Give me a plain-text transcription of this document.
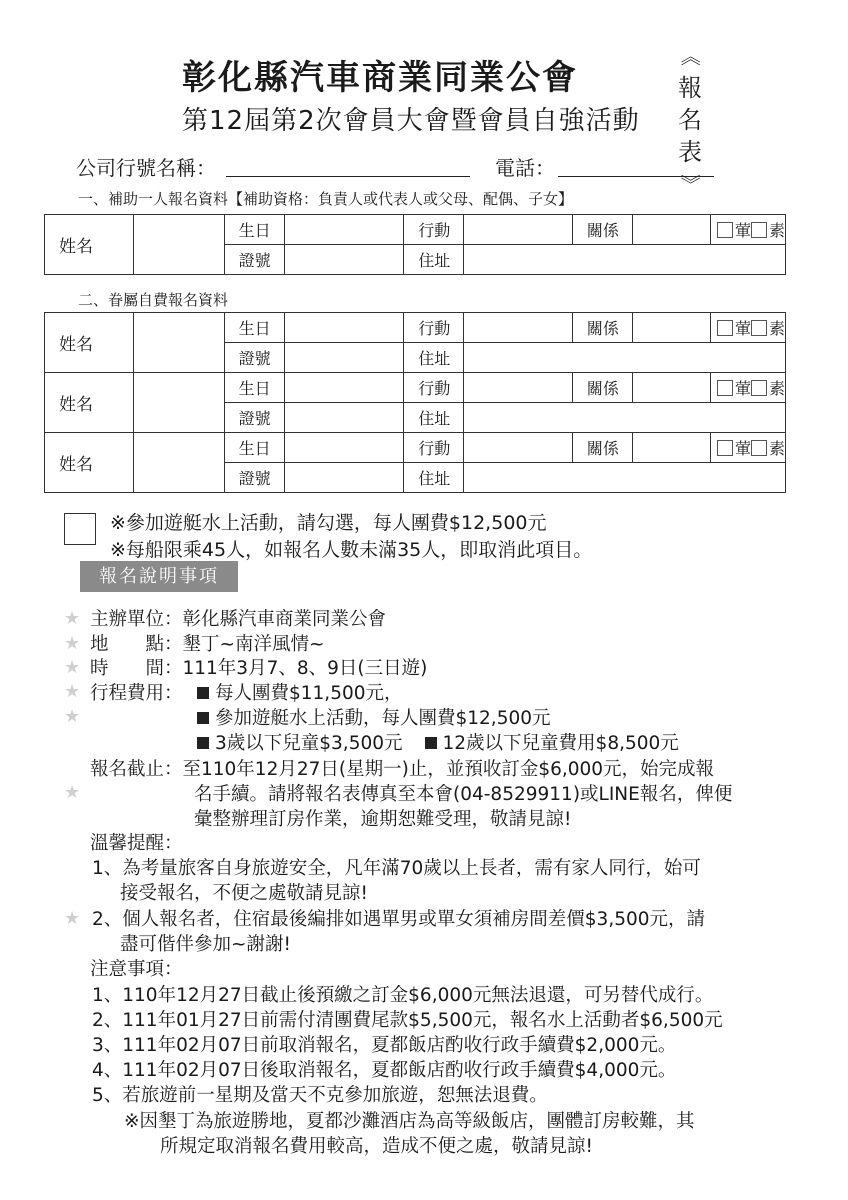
彰化縣汽車商業同業公會
第12屆第2次會員大會暨會員自強活動
《
報
名
表
》
公司行號名稱：	電話：
一、補助一人報名資料【補助資格：負責人或代表人或父母、配偶、子女】
姓名		生日		行動		關係		葷 素
		證號		住址				
二、眷屬自費報名資料
姓名		生日		行動		關係		葷 素
		證號		住址				
姓名		生日		行動		關係		葷 素
		證號		住址				
姓名		生日		行動		關係		葷 素
		證號		住址				
※參加遊艇水上活動，請勾選，每人團費$12,500元
※每船限乘45人，如報名人數未滿35人，即取消此項目。
報名說明事項
★
★
★
★
★
★
★
主辦單位：彰化縣汽車商業同業公會
地　　點：墾丁~南洋風情~
時　　間：111年3月7、8、9日(三日遊)
行程費用：	每人團費$11,500元，
參加遊艇水上活動，每人團費$12,500元
3歲以下兒童$3,500元 12歲以下兒童費用$8,500元
報名截止：至110年12月27日(星期一)止，並預收訂金$6,000元，始完成報
名手續。請將報名表傳真至本會(04-8529911)或LINE報名，俾便
彙整辦理訂房作業，逾期恕難受理，敬請見諒!
溫馨提醒：
1、為考量旅客自身旅遊安全，凡年滿70歲以上長者，需有家人同行，始可
接受報名，不便之處敬請見諒!
2、個人報名者，住宿最後編排如遇單男或單女須補房間差價$3,500元，請
盡可偕伴參加~謝謝!
注意事項：
1、110年12月27日截止後預繳之訂金$6,000元無法退還，可另替代成行。
2、111年01月27日前需付清團費尾款$5,500元，報名水上活動者$6,500元
3、111年02月07日前取消報名，夏都飯店酌收行政手續費$2,000元。
4、111年02月07日後取消報名，夏都飯店酌收行政手續費$4,000元。
5、若旅遊前一星期及當天不克參加旅遊，恕無法退費。
※因墾丁為旅遊勝地，夏都沙灘酒店為高等級飯店，團體訂房較難，其
所規定取消報名費用較高，造成不便之處，敬請見諒!
